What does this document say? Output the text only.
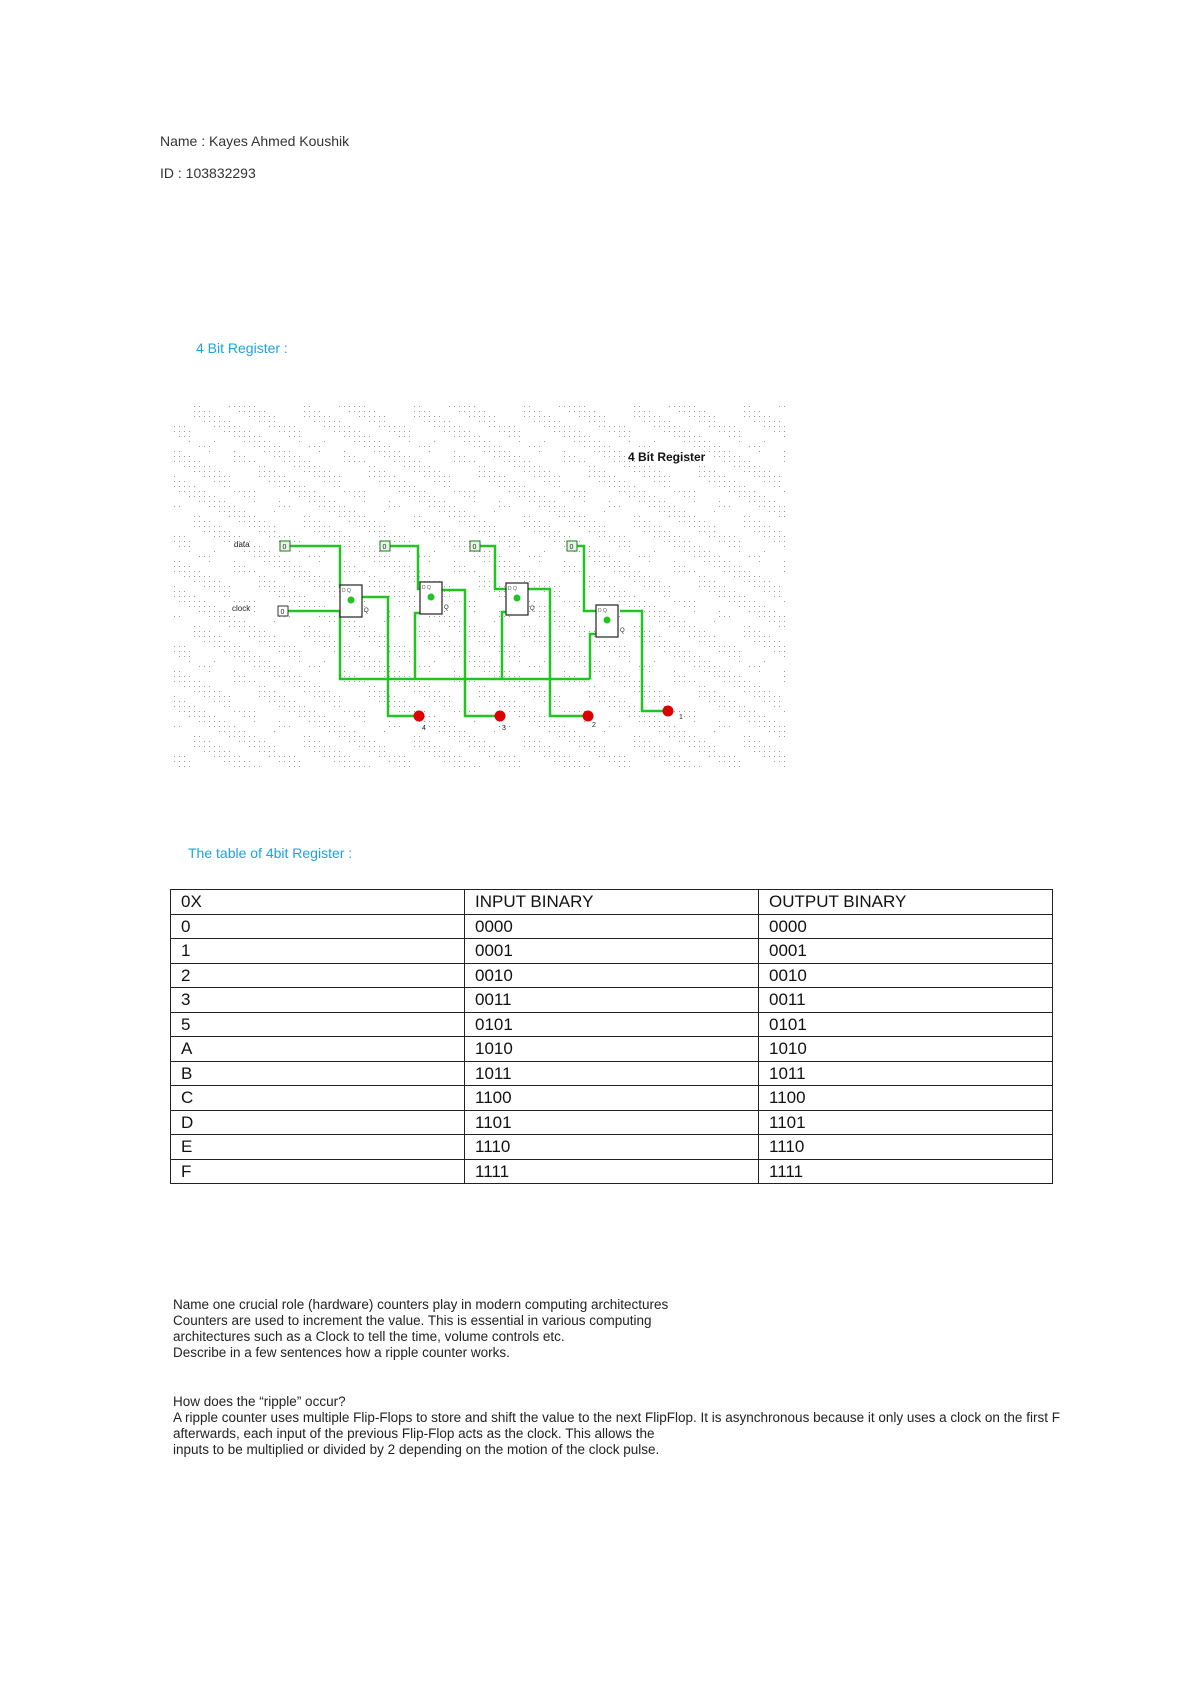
Name : Kayes Ahmed Koushik
ID : 103832293
4 Bit Register :
4 Bit Register
data
clock
0	0	0	0
0
D Q
Q
D Q
Q
D Q
Q	D Q
Q
4	3	2
1
The table of 4bit Register :
0X	INPUT BINARY	OUTPUT BINARY
0	0000	0000
1	0001	0001
2	0010	0010
3	0011	0011
5	0101	0101
A	1010	1010
B	1011	1011
C	1100	1100
D	1101	1101
E	1110	1110
F	1111	1111
Name one crucial role (hardware) counters play in modern computing architectures
Counters are used to increment the value. This is essential in various computing
architectures such as a Clock to tell the time, volume controls etc.
Describe in a few sentences how a ripple counter works.
How does the “ripple” occur?
A ripple counter uses multiple Flip-Flops to store and shift the value to the next FlipFlop. It is asynchronous because it only uses a clock on the first F
afterwards, each input of the previous Flip-Flop acts as the clock. This allows the
inputs to be multiplied or divided by 2 depending on the motion of the clock pulse.
